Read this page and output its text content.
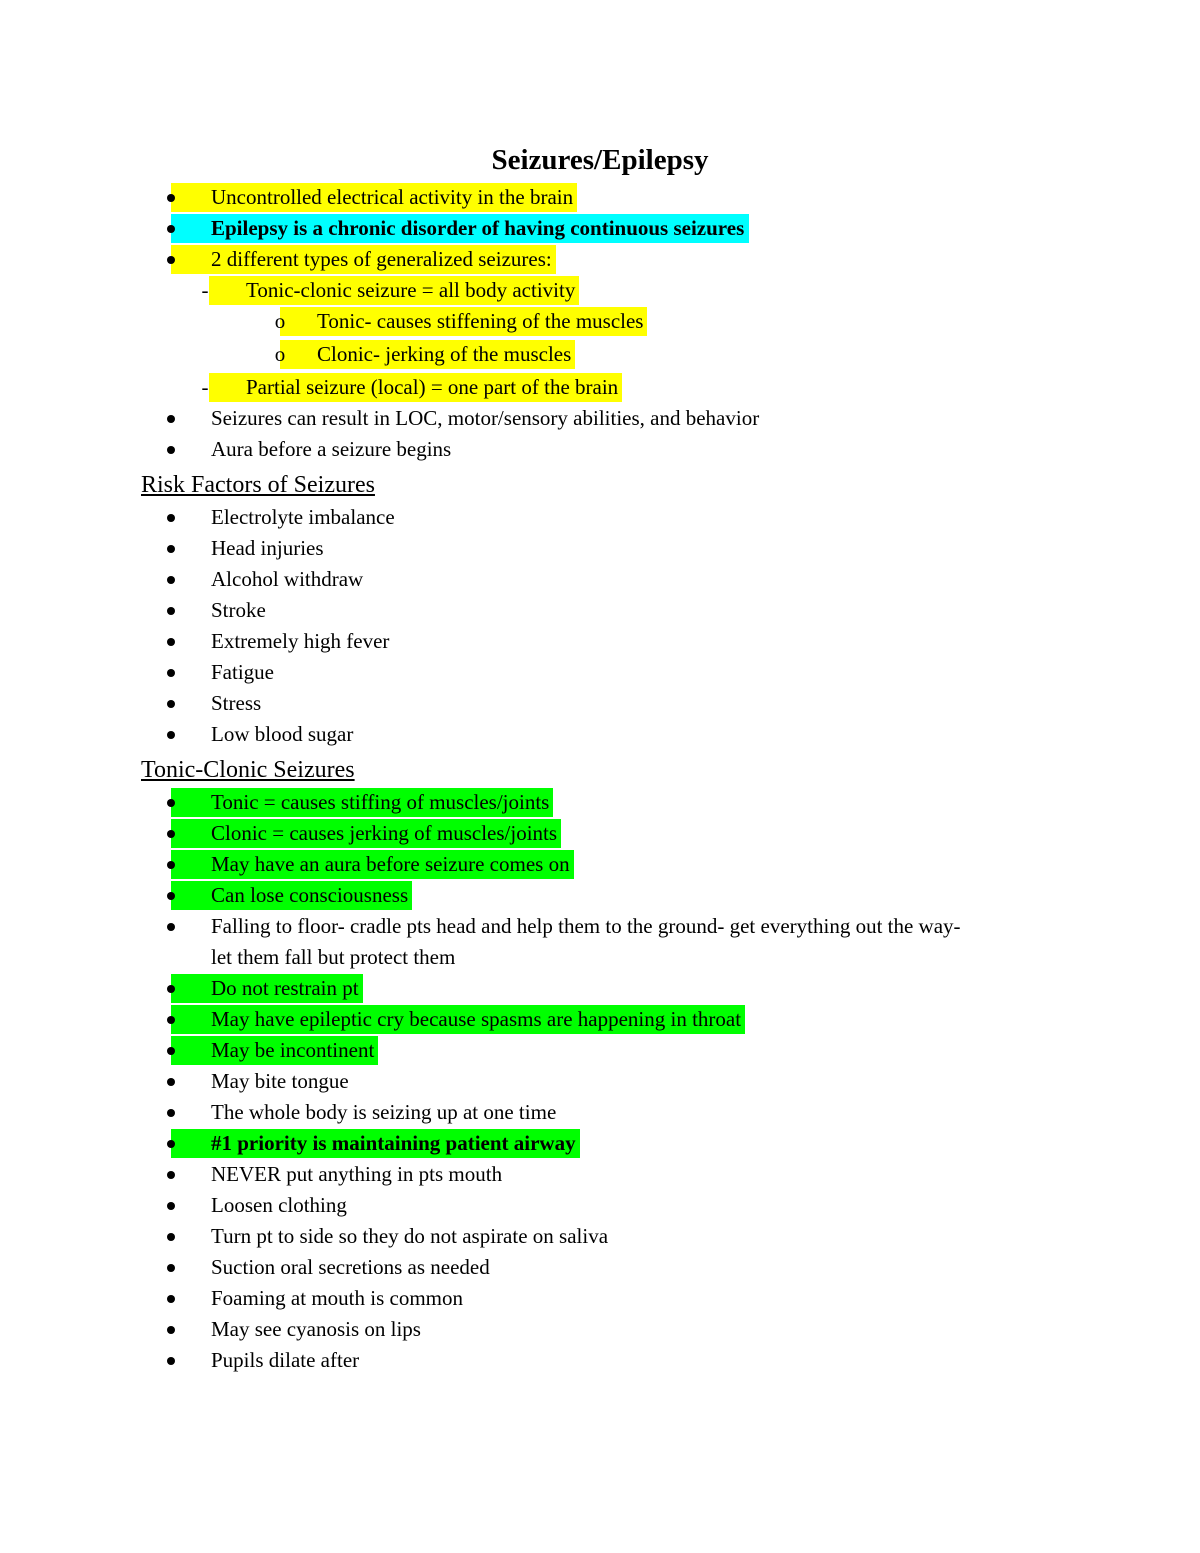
Seizures/Epilepsy
Uncontrolled electrical activity in the brain
Epilepsy is a chronic disorder of having continuous seizures
2 different types of generalized seizures:
-	Tonic-clonic seizure = all body activity
o Tonic- causes stiffening of the muscles
o Clonic- jerking of the muscles
-	Partial seizure (local) = one part of the brain
Seizures can result in LOC, motor/sensory abilities, and behavior
Aura before a seizure begins
Risk Factors of Seizures
Electrolyte imbalance
Head injuries
Alcohol withdraw
Stroke
Extremely high fever
Fatigue
Stress
Low blood sugar
Tonic-Clonic Seizures
Tonic = causes stiffing of muscles/joints
Clonic = causes jerking of muscles/joints
May have an aura before seizure comes on
Can lose consciousness
Falling to floor- cradle pts head and help them to the ground- get everything out the way-
let them fall but protect them
Do not restrain pt
May have epileptic cry because spasms are happening in throat
May be incontinent
May bite tongue
The whole body is seizing up at one time
#1 priority is maintaining patient airway
NEVER put anything in pts mouth
Loosen clothing
Turn pt to side so they do not aspirate on saliva
Suction oral secretions as needed
Foaming at mouth is common
May see cyanosis on lips
Pupils dilate after
